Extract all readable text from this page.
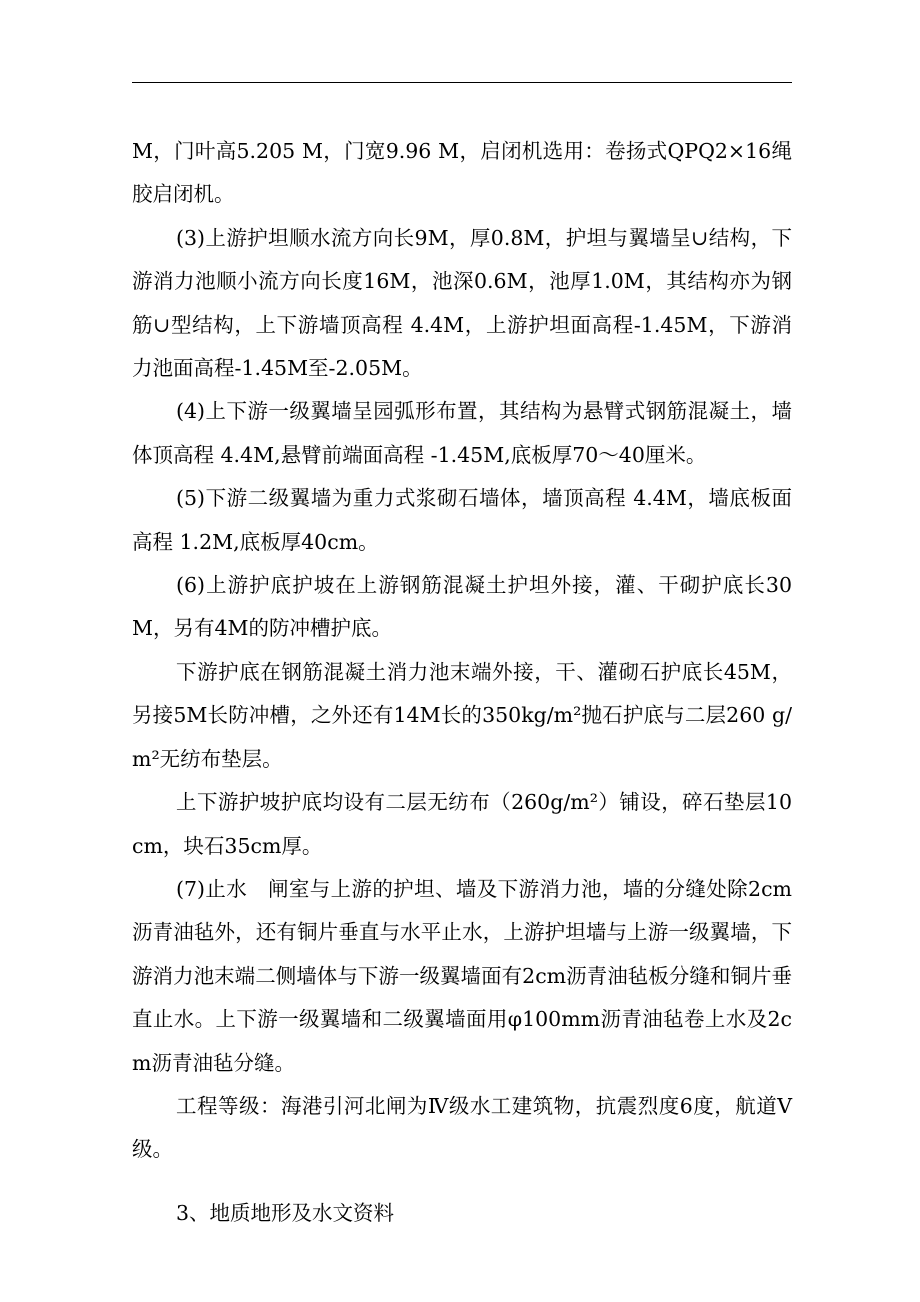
M，门叶高5.205 M，门宽9.96 M，启闭机选用：卷扬式QPQ2×16绳胶启闭机。

(3)上游护坦顺水流方向长9M，厚0.8M，护坦与翼墙呈∪结构，下游消力池顺小流方向长度16M，池深0.6M，池厚1.0M，其结构亦为钢筋∪型结构，上下游墙顶高程 4.4M，上游护坦面高程-1.45M，下游消力池面高程-1.45M至-2.05M。

(4)上下游一级翼墙呈园弧形布置，其结构为悬臂式钢筋混凝土，墙体顶高程 4.4M,悬臂前端面高程 -1.45M,底板厚70～40厘米。

(5)下游二级翼墙为重力式浆砌石墙体，墙顶高程 4.4M，墙底板面高程 1.2M,底板厚40cm。

(6)上游护底护坡在上游钢筋混凝土护坦外接，灌、干砌护底长30M，另有4M的防冲槽护底。

下游护底在钢筋混凝土消力池末端外接，干、灌砌石护底长45M，另接5M长防冲槽，之外还有14M长的350kg/m²抛石护底与二层260 g/m²无纺布垫层。

上下游护坡护底均设有二层无纺布（260g/m²）铺设，碎石垫层10cm，块石35cm厚。

(7)止水　闸室与上游的护坦、墙及下游消力池，墙的分缝处除2cm沥青油毡外，还有铜片垂直与水平止水，上游护坦墙与上游一级翼墙，下游消力池末端二侧墙体与下游一级翼墙面有2cm沥青油毡板分缝和铜片垂直止水。上下游一级翼墙和二级翼墙面用φ100mm沥青油毡卷上水及2cm沥青油毡分缝。

工程等级：海港引河北闸为Ⅳ级水工建筑物，抗震烈度6度，航道Ⅴ级。

3、地质地形及水文资料
